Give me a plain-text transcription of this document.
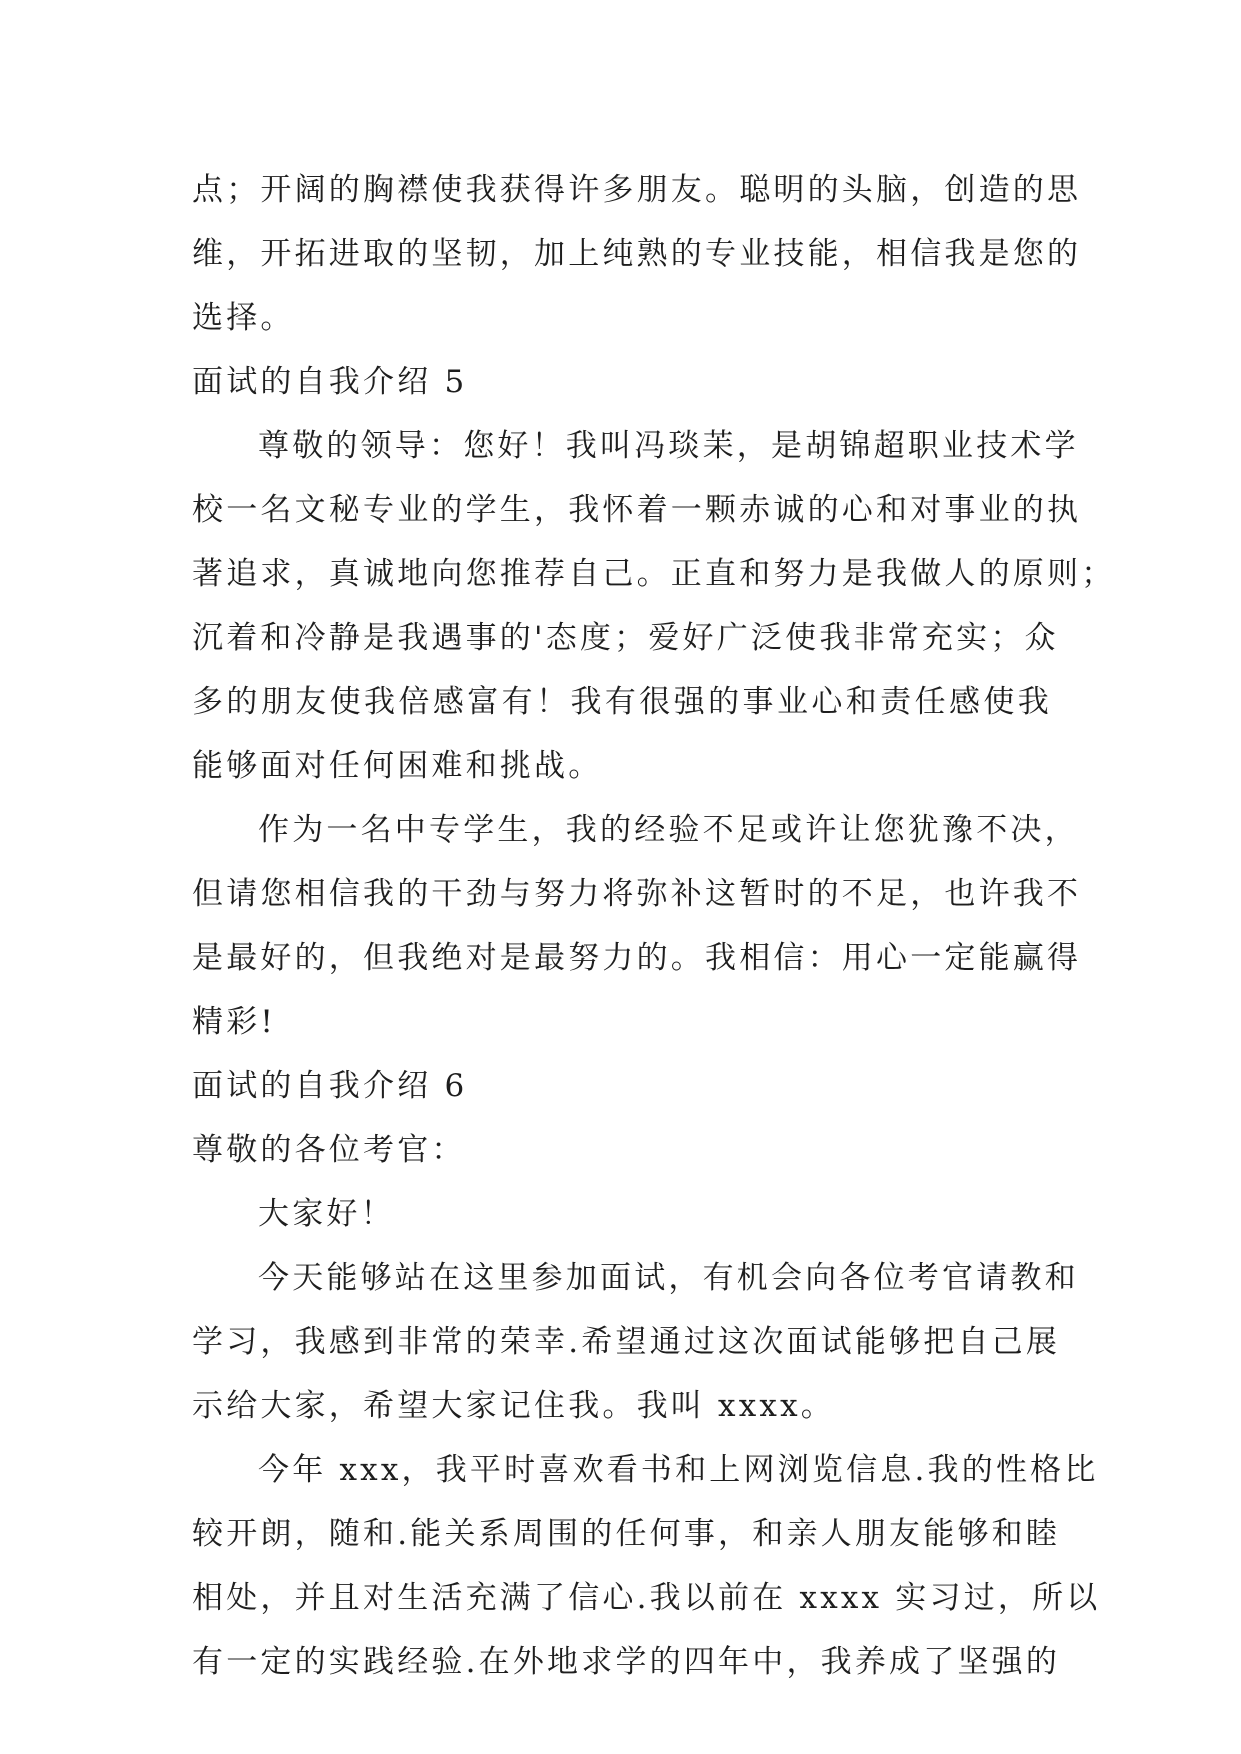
点；开阔的胸襟使我获得许多朋友。聪明的头脑，创造的思
维，开拓进取的坚韧，加上纯熟的专业技能，相信我是您的
选择。
面试的自我介绍 5
尊敬的领导：您好！我叫冯琰苿，是胡锦超职业技术学
校一名文秘专业的学生，我怀着一颗赤诚的心和对事业的执
著追求，真诚地向您推荐自己。正直和努力是我做人的原则；
沉着和冷静是我遇事的'态度；爱好广泛使我非常充实；众
多的朋友使我倍感富有！我有很强的事业心和责任感使我
能够面对任何困难和挑战。
作为一名中专学生，我的经验不足或许让您犹豫不决，
但请您相信我的干劲与努力将弥补这暂时的不足，也许我不
是最好的，但我绝对是最努力的。我相信：用心一定能赢得
精彩!
面试的自我介绍 6
尊敬的各位考官：
大家好！
今天能够站在这里参加面试，有机会向各位考官请教和
学习，我感到非常的荣幸.希望通过这次面试能够把自己展
示给大家，希望大家记住我。我叫 xxxx。
今年 xxx，我平时喜欢看书和上网浏览信息.我的性格比
较开朗，随和.能关系周围的任何事，和亲人朋友能够和睦
相处，并且对生活充满了信心.我以前在 xxxx 实习过，所以
有一定的实践经验.在外地求学的四年中，我养成了坚强的
